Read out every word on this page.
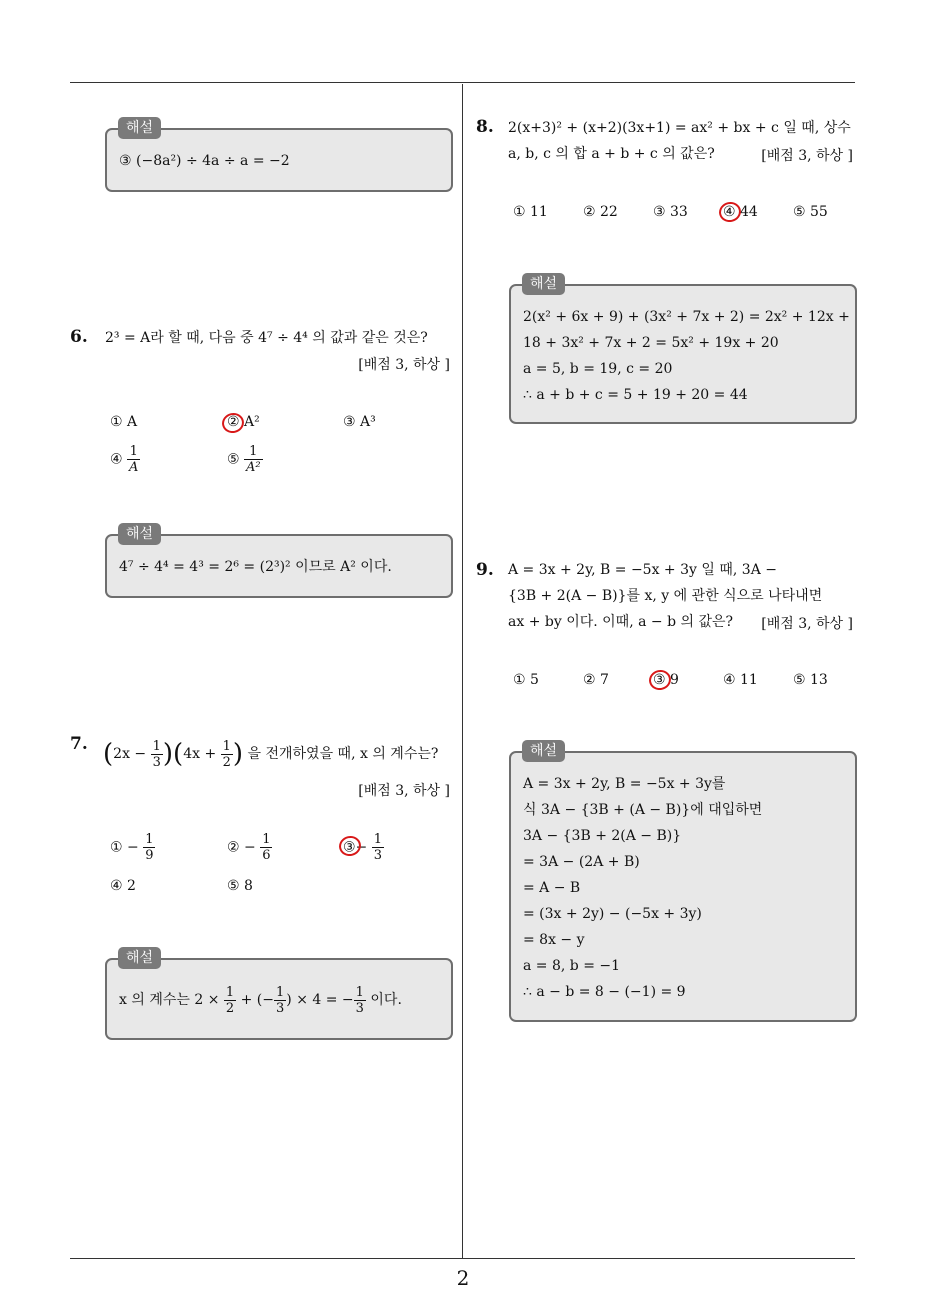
2
③ (−8a²) ÷ 4a ÷ a = −2
해설
6. 2³ = A라 할 때, 다음 중 4⁷ ÷ 4⁴ 의 값과 같은 것은?
[배점 3, 하상 ]
① A	② A²	③ A³
④ $\frac{1}{A}$	⑤ $\frac{1}{\text{A²}}$
4⁷ ÷ 4⁴ = 4³ = 2⁶ = (2³)² 이므로 A² 이다.
해설
7. $(2x - \frac{1}{3} )(4x + \frac{1}{2}$ ) 을 전개하였을 때, x 의 계수는?
[배점 3, 하상 ]
① − $\frac{1}{9}$	② − $\frac{1}{6}$	③− $\frac{1}{3}$
④ 2	⑤ 8
x 의 계수는 $2 \times \frac{1}{2}$ + (− $\frac{1}{3}$ ) × 4 = − $\frac{1}{3}$ 이다.
해설
8. 2(x+3)² + (x+2)(3x+1) = ax² + bx + c 일 때, 상수
a, b, c 의 합 a + b + c 의 값은?	[배점 3, 하상 ]
① 11	② 22	③ 33	④ 44	⑤ 55
2(x² + 6x + 9) + (3x² + 7x + 2) = 2x² + 12x +
18 + 3x² + 7x + 2 = 5x² + 19x + 20
a = 5, b = 19, c = 20
∴ a + b + c = 5 + 19 + 20 = 44
해설
9. A = 3x + 2y, B = −5x + 3y 일 때, 3A −
{3B + 2(A − B)}를 x, y 에 관한 식으로 나타내면
ax + by 이다. 이때, a − b 의 값은?	[배점 3, 하상 ]
① 5	② 7	③ 9	④ 11	⑤ 13
A = 3x + 2y, B = −5x + 3y를
식 3A − {3B + (A − B)}에 대입하면
3A − {3B + 2(A − B)}
= 3A − (2A + B)
= A − B
= (3x + 2y) − (−5x + 3y)
= 8x − y
a = 8, b = −1
∴ a − b = 8 − (−1) = 9
해설
